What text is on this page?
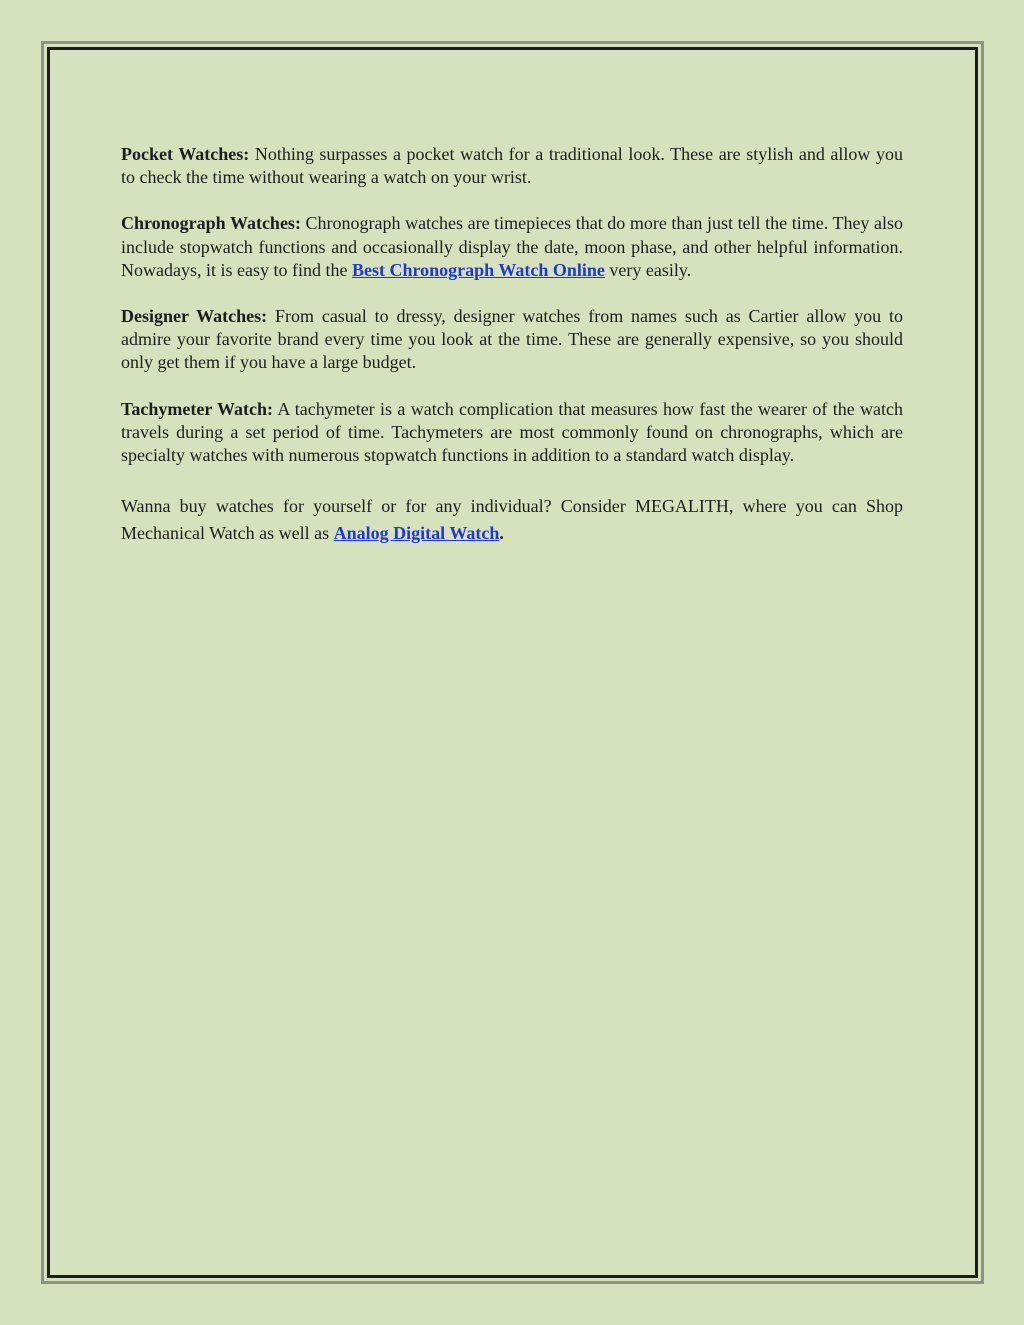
Pocket Watches: Nothing surpasses a pocket watch for a traditional look. These are stylish and allow you to check the time without wearing a watch on your wrist.

Chronograph Watches: Chronograph watches are timepieces that do more than just tell the time. They also include stopwatch functions and occasionally display the date, moon phase, and other helpful information. Nowadays, it is easy to find the Best Chronograph Watch Online very easily.

Designer Watches: From casual to dressy, designer watches from names such as Cartier allow you to admire your favorite brand every time you look at the time. These are generally expensive, so you should only get them if you have a large budget.

Tachymeter Watch: A tachymeter is a watch complication that measures how fast the wearer of the watch travels during a set period of time. Tachymeters are most commonly found on chronographs, which are specialty watches with numerous stopwatch functions in addition to a standard watch display.

Wanna buy watches for yourself or for any individual? Consider MEGALITH, where you can Shop Mechanical Watch as well as Analog Digital Watch.
